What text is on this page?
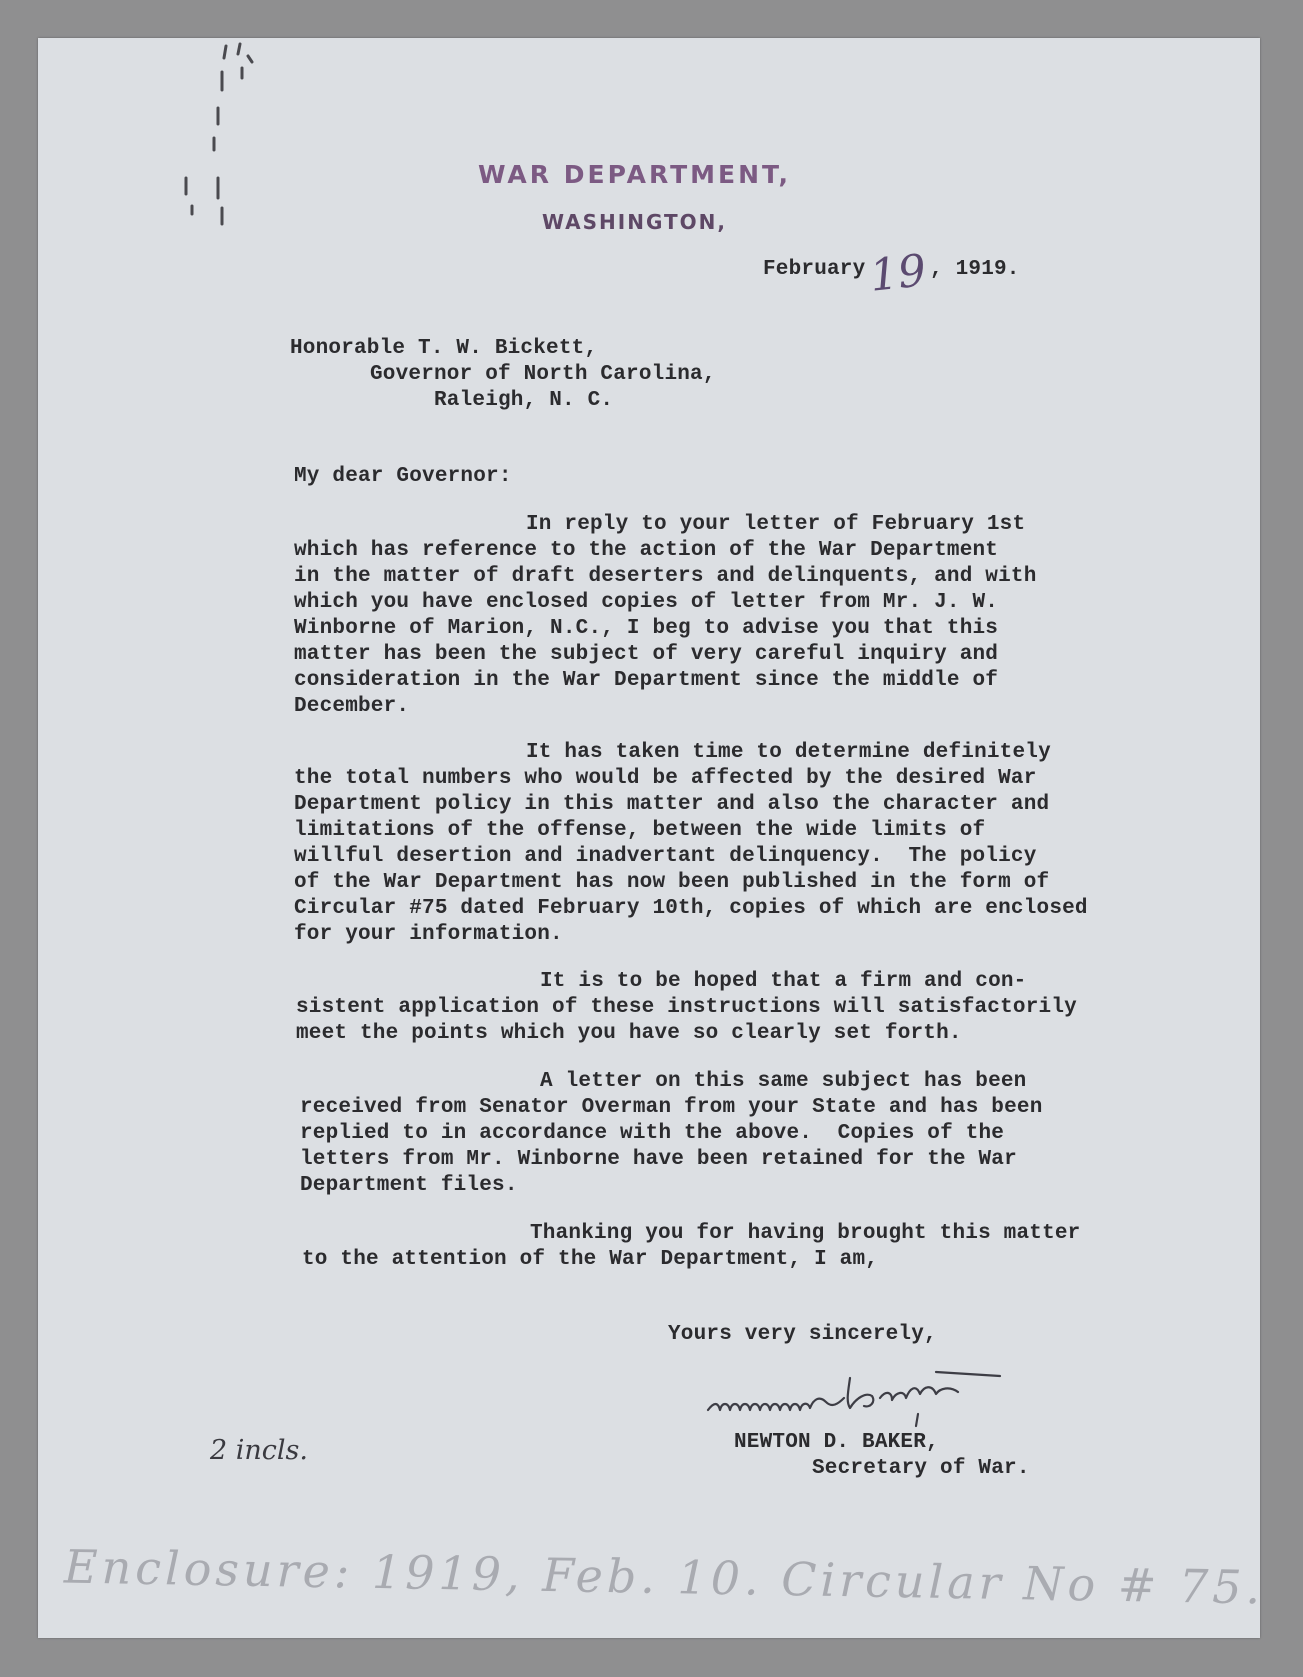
WAR DEPARTMENT,
WASHINGTON,

February 19 , 1919.

Honorable T. W. Bickett,

Governor of North Carolina,

Raleigh, N. C.

My dear Governor:

In reply to your letter of February 1st

which has reference to the action of the War Department

in the matter of draft deserters and delinquents, and with

which you have enclosed copies of letter from Mr. J. W.

Winborne of Marion, N.C., I beg to advise you that this

matter has been the subject of very careful inquiry and

consideration in the War Department since the middle of

December.

It has taken time to determine definitely

the total numbers who would be affected by the desired War

Department policy in this matter and also the character and

limitations of the offense, between the wide limits of

willful desertion and inadvertant delinquency.  The policy

of the War Department has now been published in the form of

Circular #75 dated February 10th, copies of which are enclosed

for your information.

It is to be hoped that a firm and con-

sistent application of these instructions will satisfactorily

meet the points which you have so clearly set forth.

A letter on this same subject has been

received from Senator Overman from your State and has been

replied to in accordance with the above.  Copies of the

letters from Mr. Winborne have been retained for the War

Department files.

Thanking you for having brought this matter

to the attention of the War Department, I am,

Yours very sincerely,

NEWTON D. BAKER,

Secretary of War.

2 incls.

Enclosure: 1919, Feb. 10. Circular No # 75.
